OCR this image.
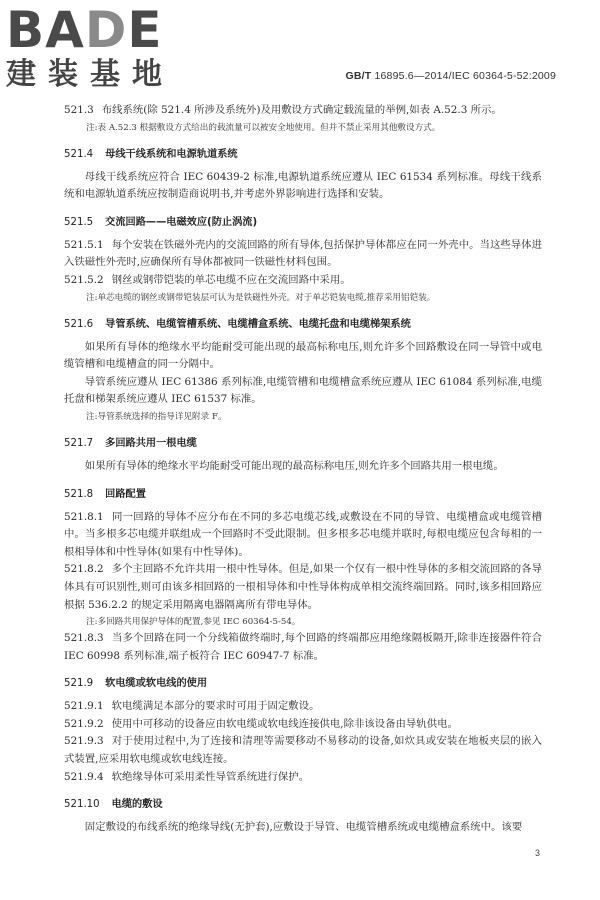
BADE
建装基地	GB/T 16895.6—2014/IEC 60364-5-52:2009

521.3 布线系统(除 521.4 所涉及系统外)及用敷设方式确定载流量的举例,如表 A.52.3 所示。

注:表 A.52.3 根据敷设方式给出的载流量可以被安全地使用。但并不禁止采用其他敷设方式。

521.4 母线干线系统和电源轨道系统

母线干线系统应符合 IEC 60439-2 标准,电源轨道系统应遵从 IEC 61534 系列标准。母线干线系统和电源轨道系统应按制造商说明书,并考虑外界影响进行选择和安装。

521.5 交流回路——电磁效应(防止涡流)

521.5.1 每个安装在铁磁外壳内的交流回路的所有导体,包括保护导体都应在同一外壳中。当这些导体进入铁磁性外壳时,应确保所有导体都被同一铁磁性材料包围。

521.5.2 钢丝或钢带铠装的单芯电缆不应在交流回路中采用。

注:单芯电缆的钢丝或钢带铠装层可认为是铁磁性外壳。对于单芯铠装电缆,推荐采用铝铠装。

521.6 导管系统、电缆管槽系统、电缆槽盒系统、电缆托盘和电缆梯架系统

如果所有导体的绝缘水平均能耐受可能出现的最高标称电压,则允许多个回路敷设在同一导管中或电缆管槽和电缆槽盒的同一分隔中。

导管系统应遵从 IEC 61386 系列标准,电缆管槽和电缆槽盒系统应遵从 IEC 61084 系列标准,电缆托盘和梯架系统应遵从 IEC 61537 标准。

注:导管系统选择的指导详见附录 F。

521.7 多回路共用一根电缆

如果所有导体的绝缘水平均能耐受可能出现的最高标称电压,则允许多个回路共用一根电缆。

521.8 回路配置

521.8.1 同一回路的导体不应分布在不同的多芯电缆芯线,或敷设在不同的导管、电缆槽盒或电缆管槽中。当多根多芯电缆并联组成一个回路时不受此限制。但多根多芯电缆并联时,每根电缆应包含每相的一根相导体和中性导体(如果有中性导体)。

521.8.2 多个主回路不允许共用一根中性导体。但是,如果一个仅有一根中性导体的多相交流回路的各导体具有可识别性,则可由该多相回路的一根相导体和中性导体构成单相交流终端回路。同时,该多相回路应根据 536.2.2 的规定采用隔离电器隔离所有带电导体。

注:多回路共用保护导体的配置,参见 IEC 60364-5-54。

521.8.3 当多个回路在同一个分线箱做终端时,每个回路的终端都应用绝缘隔板隔开,除非连接器件符合 IEC 60998 系列标准,端子板符合 IEC 60947-7 标准。

521.9 软电缆或软电线的使用

521.9.1 软电缆满足本部分的要求时可用于固定敷设。

521.9.2 使用中可移动的设备应由软电缆或软电线连接供电,除非该设备由导轨供电。

521.9.3 对于使用过程中,为了连接和清理等需要移动不易移动的设备,如炊具或安装在地板夹层的嵌入式装置,应采用软电缆或软电线连接。

521.9.4 软绝缘导体可采用柔性导管系统进行保护。

521.10 电缆的敷设

固定敷设的布线系统的绝缘导线(无护套),应敷设于导管、电缆管槽系统或电缆槽盒系统中。该要

3
